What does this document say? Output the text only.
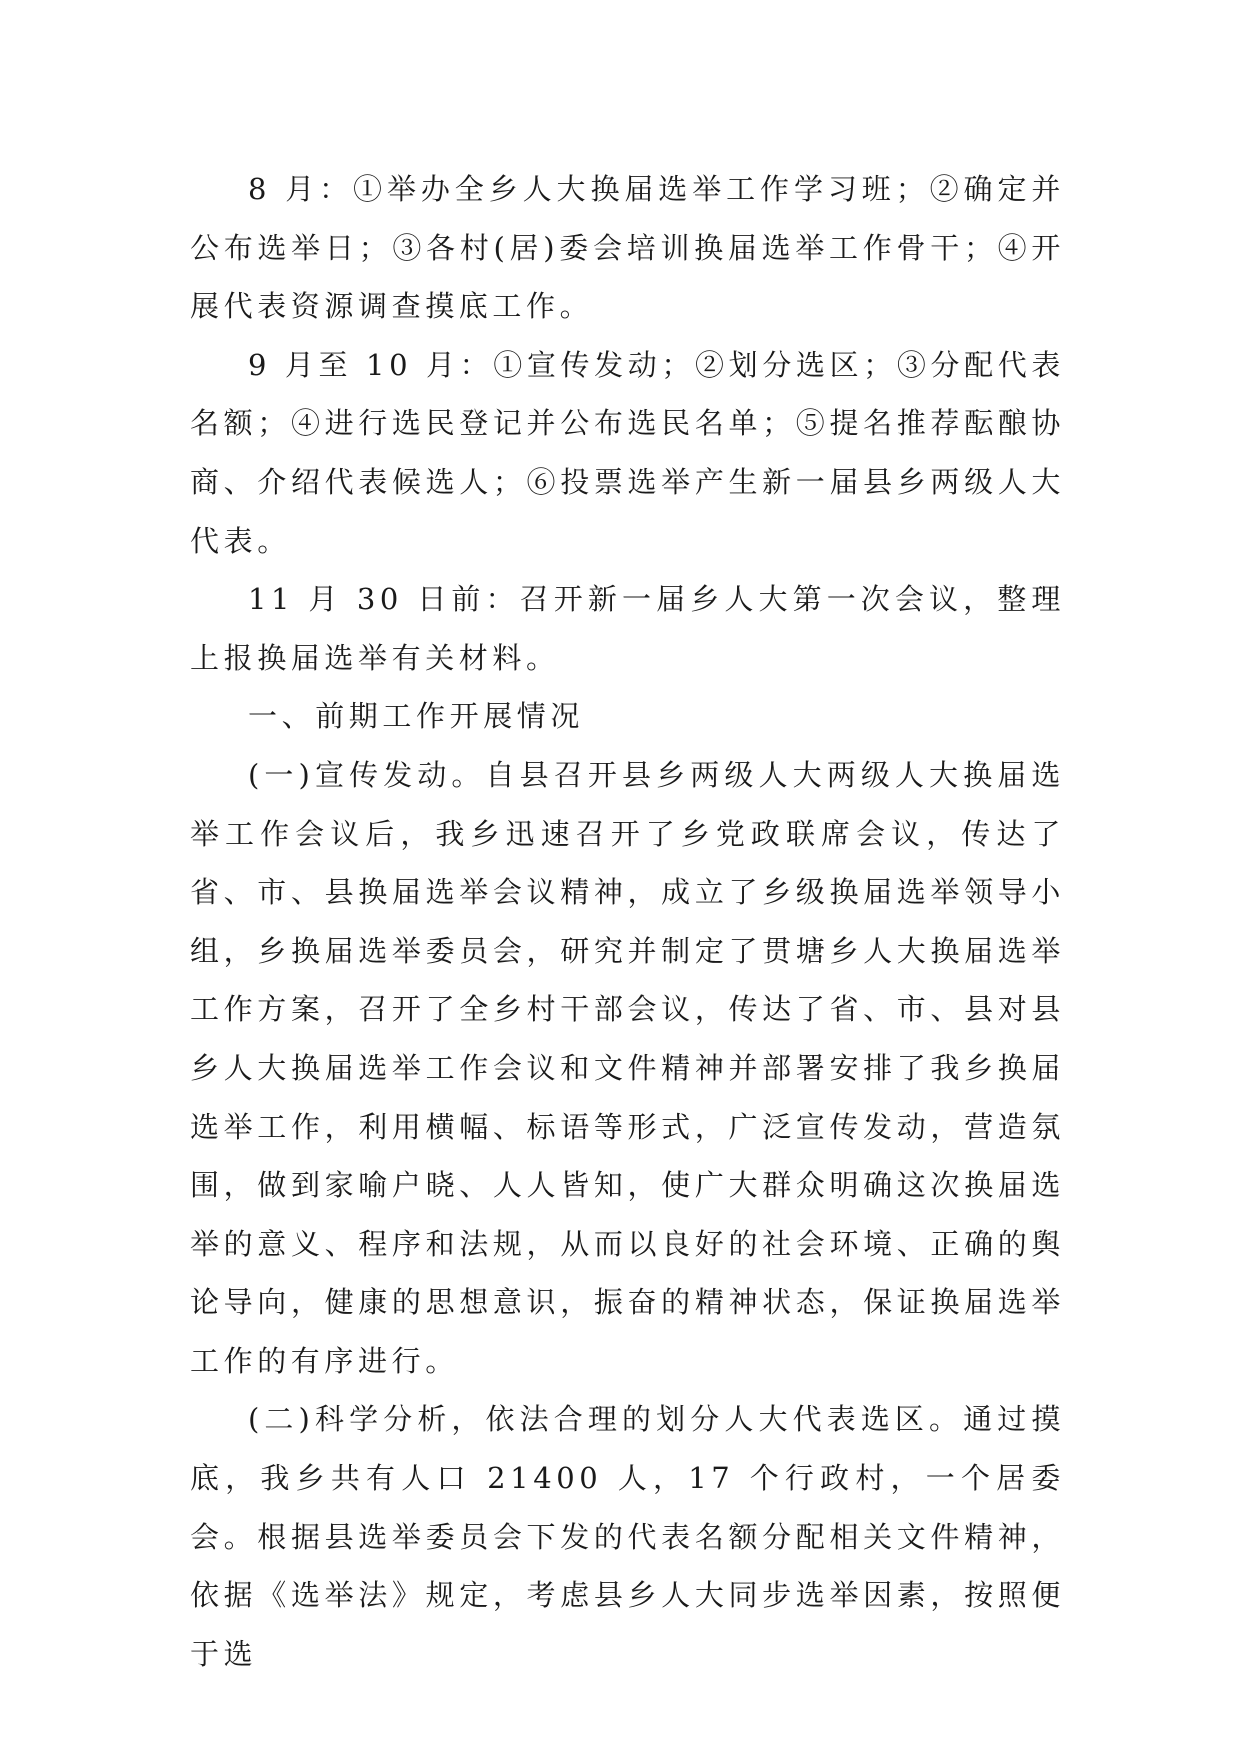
8 月：①举办全乡人大换届选举工作学习班；②确定并公布选举日；③各村(居)委会培训换届选举工作骨干；④开展代表资源调查摸底工作。

9 月至 10 月：①宣传发动；②划分选区；③分配代表名额；④进行选民登记并公布选民名单；⑤提名推荐酝酿协商、介绍代表候选人；⑥投票选举产生新一届县乡两级人大代表。

11 月 30 日前：召开新一届乡人大第一次会议，整理上报换届选举有关材料。

一、前期工作开展情况

(一)宣传发动。自县召开县乡两级人大两级人大换届选举工作会议后，我乡迅速召开了乡党政联席会议，传达了省、市、县换届选举会议精神，成立了乡级换届选举领导小组，乡换届选举委员会，研究并制定了贯塘乡人大换届选举工作方案，召开了全乡村干部会议，传达了省、市、县对县乡人大换届选举工作会议和文件精神并部署安排了我乡换届选举工作，利用横幅、标语等形式，广泛宣传发动，营造氛围，做到家喻户晓、人人皆知，使广大群众明确这次换届选举的意义、程序和法规，从而以良好的社会环境、正确的舆论导向，健康的思想意识，振奋的精神状态，保证换届选举工作的有序进行。

(二)科学分析，依法合理的划分人大代表选区。通过摸底，我乡共有人口 21400 人，17 个行政村，一个居委会。根据县选举委员会下发的代表名额分配相关文件精神，依据《选举法》规定，考虑县乡人大同步选举因素，按照便于选
